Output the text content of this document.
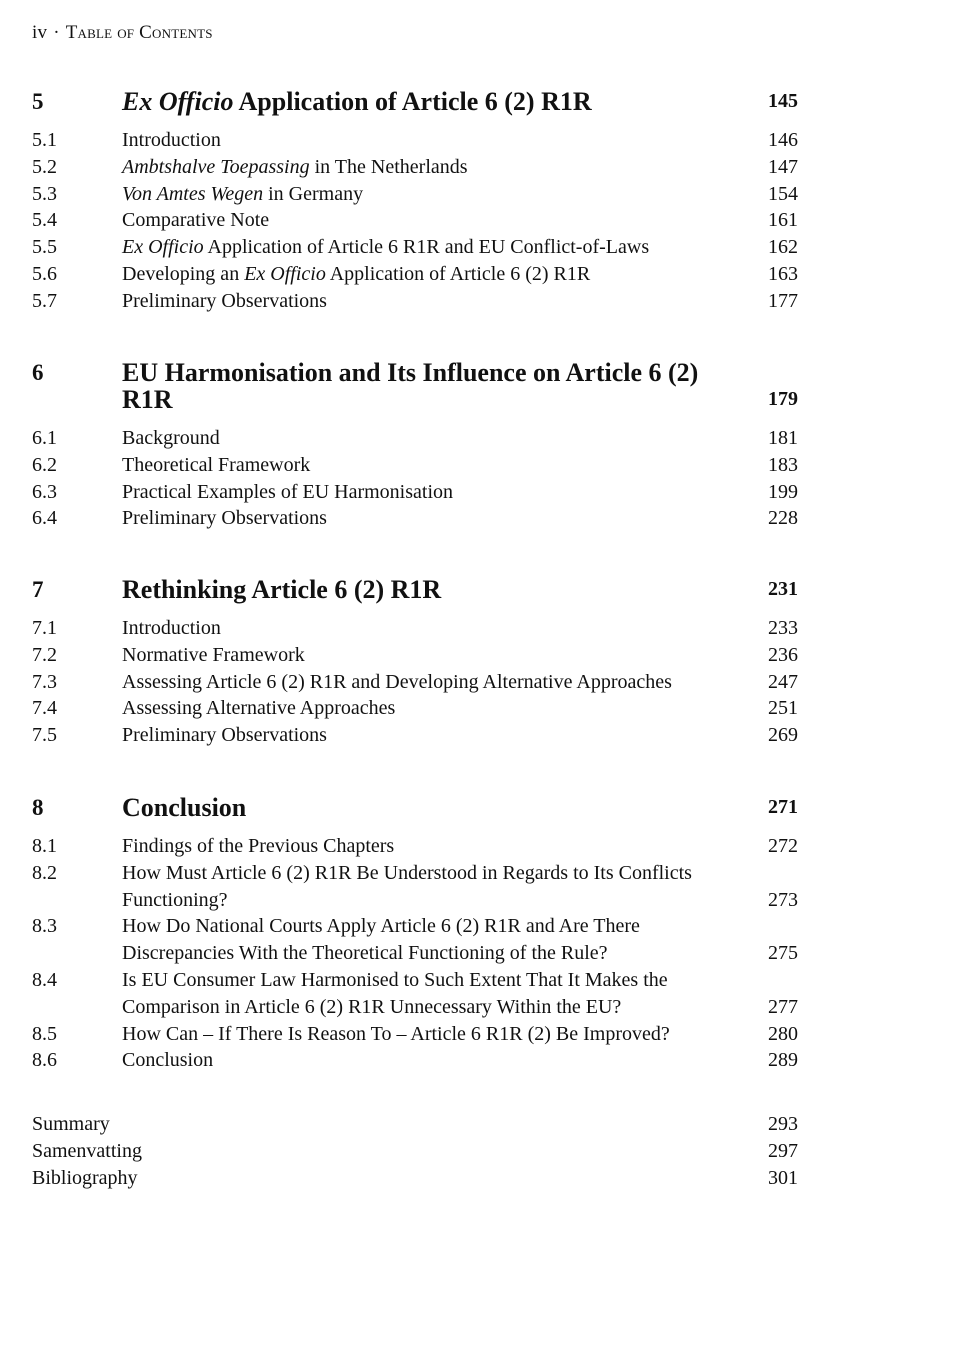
iv · Table of Contents
5	Ex Officio Application of Article 6 (2) R1R	145
5.1	Introduction	146
5.2	Ambtshalve Toepassing in The Netherlands	147
5.3	Von Amtes Wegen in Germany	154
5.4	Comparative Note	161
5.5	Ex Officio Application of Article 6 R1R and EU Conflict-of-Laws	162
5.6	Developing an Ex Officio Application of Article 6 (2) R1R	163
5.7	Preliminary Observations	177
6	EU Harmonisation and Its Influence on Article 6 (2) R1R	179
6.1	Background	181
6.2	Theoretical Framework	183
6.3	Practical Examples of EU Harmonisation	199
6.4	Preliminary Observations	228
7	Rethinking Article 6 (2) R1R	231
7.1	Introduction	233
7.2	Normative Framework	236
7.3	Assessing Article 6 (2) R1R and Developing Alternative Approaches	247
7.4	Assessing Alternative Approaches	251
7.5	Preliminary Observations	269
8	Conclusion	271
8.1	Findings of the Previous Chapters	272
8.2	How Must Article 6 (2) R1R Be Understood in Regards to Its Conflicts Functioning?	273
8.3	How Do National Courts Apply Article 6 (2) R1R and Are There Discrepancies With the Theoretical Functioning of the Rule?	275
8.4	Is EU Consumer Law Harmonised to Such Extent That It Makes the Comparison in Article 6 (2) R1R Unnecessary Within the EU?	277
8.5	How Can – If There Is Reason To – Article 6 R1R (2) Be Improved?	280
8.6	Conclusion	289
Summary	293
Samenvatting	297
Bibliography	301
